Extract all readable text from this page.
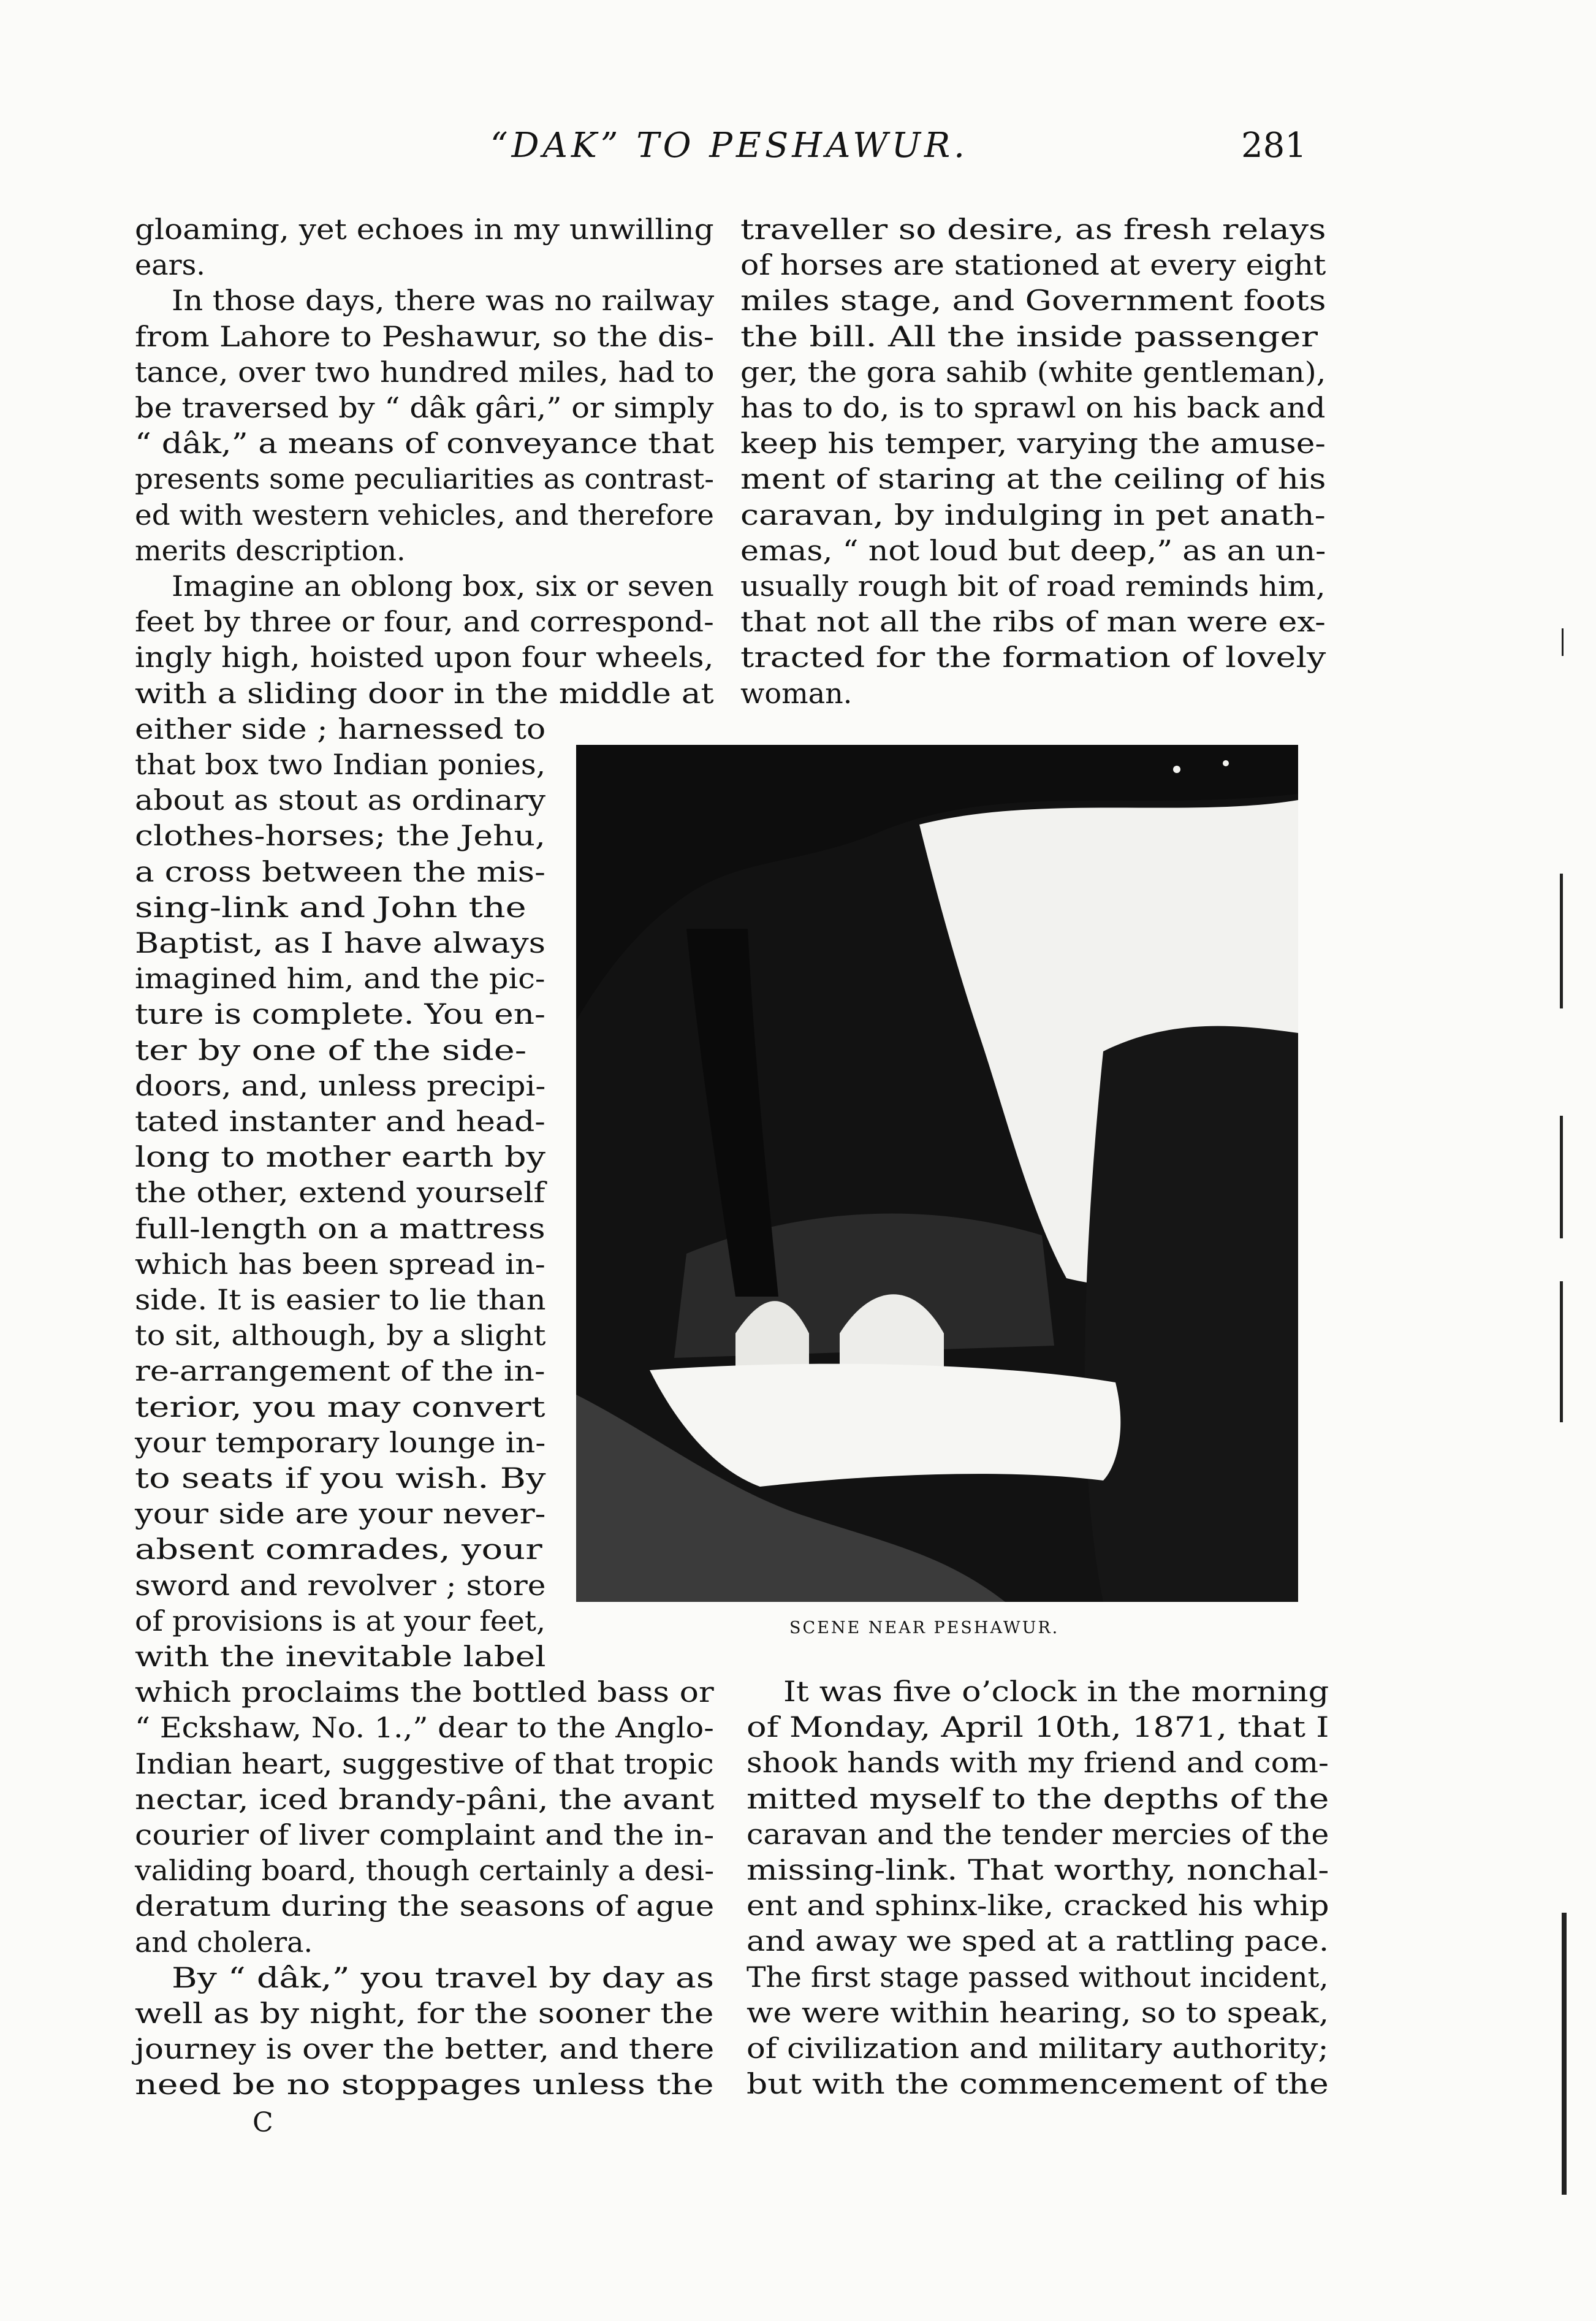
“DAK” TO PESHAWUR.	281
gloaming, yet echoes in my unwilling
ears.
In those days, there was no railway
from Lahore to Peshawur, so the dis-
tance, over two hundred miles, had to
be traversed by “ dâk gâri,” or simply
“ dâk,” a means of conveyance that
presents some peculiarities as contrast-
ed with western vehicles, and therefore
merits description.
Imagine an oblong box, six or seven
feet by three or four, and correspond-
ingly high, hoisted upon four wheels,
with a sliding door in the middle at
either side ; harnessed to
that box two Indian ponies,
about as stout as ordinary
clothes-horses; the Jehu,
a cross between the mis-
sing-link and John the
Baptist, as I have always
imagined him, and the pic-
ture is complete. You en-
ter by one of the side-
doors, and, unless precipi-
tated instanter and head-
long to mother earth by
the other, extend yourself
full-length on a mattress
which has been spread in-
side. It is easier to lie than
to sit, although, by a slight
re-arrangement of the in-
terior, you may convert
your temporary lounge in-
to seats if you wish. By
your side are your never-
absent comrades, your
sword and revolver ; store
of provisions is at your feet,
with the inevitable label
which proclaims the bottled bass or
“ Eckshaw, No. 1.,” dear to the Anglo-
Indian heart, suggestive of that tropic
nectar, iced brandy-pâni, the avant
courier of liver complaint and the in-
validing board, though certainly a desi-
deratum during the seasons of ague
and cholera.
By “ dâk,” you travel by day as
well as by night, for the sooner the
journey is over the better, and there
need be no stoppages unless the
traveller so desire, as fresh relays
of horses are stationed at every eight
miles stage, and Government foots
the bill. All the inside passenger
ger, the gora sahib (white gentleman),
has to do, is to sprawl on his back and
keep his temper, varying the amuse-
ment of staring at the ceiling of his
caravan, by indulging in pet anath-
emas, “ not loud but deep,” as an un-
usually rough bit of road reminds him,
that not all the ribs of man were ex-
tracted for the formation of lovely
woman.
SCENE NEAR PESHAWUR.
It was five o’clock in the morning
of Monday, April 10th, 1871, that I
shook hands with my friend and com-
mitted myself to the depths of the
caravan and the tender mercies of the
missing-link. That worthy, nonchal-
ent and sphinx-like, cracked his whip
and away we sped at a rattling pace.
The first stage passed without incident,
we were within hearing, so to speak,
of civilization and military authority;
but with the commencement of the
C
